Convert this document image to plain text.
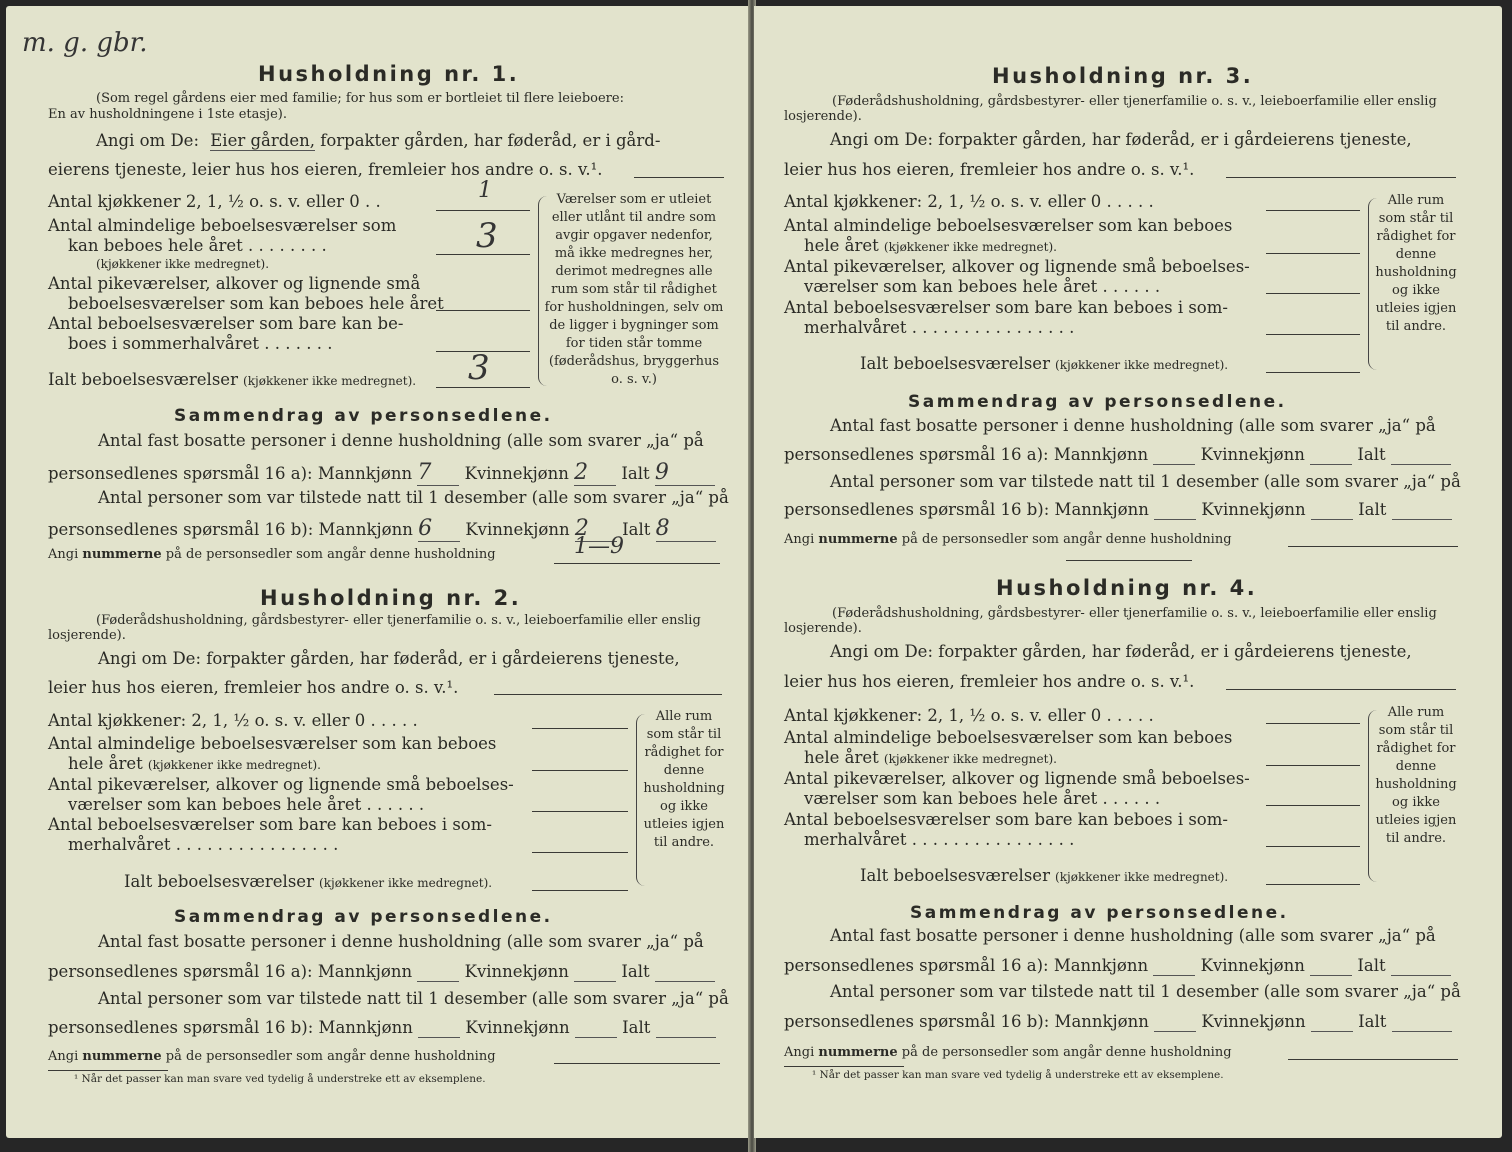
m. g. gbr.
Husholdning nr. 1.
(Som regel gårdens eier med familie; for hus som er bortleiet til flere leieboere:
En av husholdningene i 1ste etasje).
Angi om De: Eier gården, forpakter gården, har føderåd, er i gård-
eierens tjeneste, leier hus hos eieren, fremleier hos andre o. s. v.¹.
Antal kjøkkener 2, 1, ½ o. s. v. eller 0 . .	1
Antal almindelige beboelsesværelser som
kan beboes hele året . . . . . . . .
(kjøkkener ikke medregnet).
3
Antal pikeværelser, alkover og lignende små
beboelsesværelser som kan beboes hele året
Antal beboelsesværelser som bare kan be-
boes i sommerhalvåret . . . . . . .
Ialt beboelsesværelser (kjøkkener ikke medregnet). 3
Værelser som er utleiet eller utlånt til andre som avgir opgaver nedenfor, må ikke medregnes her, derimot medregnes alle rum som står til rådighet for husholdningen, selv om de ligger i bygninger som for tiden står tomme (føderådshus, bryggerhus o. s. v.)
Sammendrag av personsedlene.
Antal fast bosatte personer i denne husholdning (alle som svarer „ja“ på
personsedlenes spørsmål 16 a): Mannkjønn 7 Kvinnekjønn 2 Ialt 9
Antal personer som var tilstede natt til 1 desember (alle som svarer „ja“ på
personsedlenes spørsmål 16 b): Mannkjønn 6 Kvinnekjønn 2 Ialt 8
Angi nummerne på de personsedler som angår denne husholdning	1—9
Husholdning nr. 2.
(Føderådshusholdning, gårdsbestyrer- eller tjenerfamilie o. s. v., leieboerfamilie eller enslig losjerende).
Angi om De: forpakter gården, har føderåd, er i gårdeierens tjeneste,
leier hus hos eieren, fremleier hos andre o. s. v.¹.
Antal kjøkkener: 2, 1, ½ o. s. v. eller 0 . . . . .
Antal almindelige beboelsesværelser som kan beboes
hele året (kjøkkener ikke medregnet).
Antal pikeværelser, alkover og lignende små beboelses-
værelser som kan beboes hele året . . . . . .
Antal beboelsesværelser som bare kan beboes i som-
merhalvåret . . . . . . . . . . . . . . . .
Ialt beboelsesværelser (kjøkkener ikke medregnet).
Alle rum som står til rådighet for denne husholdning og ikke utleies igjen til andre.
Sammendrag av personsedlene.
Antal fast bosatte personer i denne husholdning (alle som svarer „ja“ på
personsedlenes spørsmål 16 a): Mannkjønn	Kvinnekjønn	Ialt
Antal personer som var tilstede natt til 1 desember (alle som svarer „ja“ på
personsedlenes spørsmål 16 b): Mannkjønn	Kvinnekjønn	Ialt
Angi nummerne på de personsedler som angår denne husholdning
¹ Når det passer kan man svare ved tydelig å understreke ett av eksemplene.
Husholdning nr. 3.
(Føderådshusholdning, gårdsbestyrer- eller tjenerfamilie o. s. v., leieboerfamilie eller enslig losjerende).
Angi om De: forpakter gården, har føderåd, er i gårdeierens tjeneste,
leier hus hos eieren, fremleier hos andre o. s. v.¹.
Antal kjøkkener: 2, 1, ½ o. s. v. eller 0 . . . . .
Antal almindelige beboelsesværelser som kan beboes
hele året (kjøkkener ikke medregnet).
Antal pikeværelser, alkover og lignende små beboelses-
værelser som kan beboes hele året . . . . . .
Antal beboelsesværelser som bare kan beboes i som-
merhalvåret . . . . . . . . . . . . . . . .
Ialt beboelsesværelser (kjøkkener ikke medregnet).
Alle rum som står til rådighet for denne husholdning og ikke utleies igjen til andre.
Sammendrag av personsedlene.
Antal fast bosatte personer i denne husholdning (alle som svarer „ja“ på
personsedlenes spørsmål 16 a): Mannkjønn	Kvinnekjønn	Ialt
Antal personer som var tilstede natt til 1 desember (alle som svarer „ja“ på
personsedlenes spørsmål 16 b): Mannkjønn	Kvinnekjønn	Ialt
Angi nummerne på de personsedler som angår denne husholdning
Husholdning nr. 4.
(Føderådshusholdning, gårdsbestyrer- eller tjenerfamilie o. s. v., leieboerfamilie eller enslig losjerende).
Angi om De: forpakter gården, har føderåd, er i gårdeierens tjeneste,
leier hus hos eieren, fremleier hos andre o. s. v.¹.
Antal kjøkkener: 2, 1, ½ o. s. v. eller 0 . . . . .
Antal almindelige beboelsesværelser som kan beboes
hele året (kjøkkener ikke medregnet).
Antal pikeværelser, alkover og lignende små beboelses-
værelser som kan beboes hele året . . . . . .
Antal beboelsesværelser som bare kan beboes i som-
merhalvåret . . . . . . . . . . . . . . . .
Ialt beboelsesværelser (kjøkkener ikke medregnet).
Alle rum som står til rådighet for denne husholdning og ikke utleies igjen til andre.
Sammendrag av personsedlene.
Antal fast bosatte personer i denne husholdning (alle som svarer „ja“ på
personsedlenes spørsmål 16 a): Mannkjønn	Kvinnekjønn	Ialt
Antal personer som var tilstede natt til 1 desember (alle som svarer „ja“ på
personsedlenes spørsmål 16 b): Mannkjønn	Kvinnekjønn	Ialt
Angi nummerne på de personsedler som angår denne husholdning
¹ Når det passer kan man svare ved tydelig å understreke ett av eksemplene.
